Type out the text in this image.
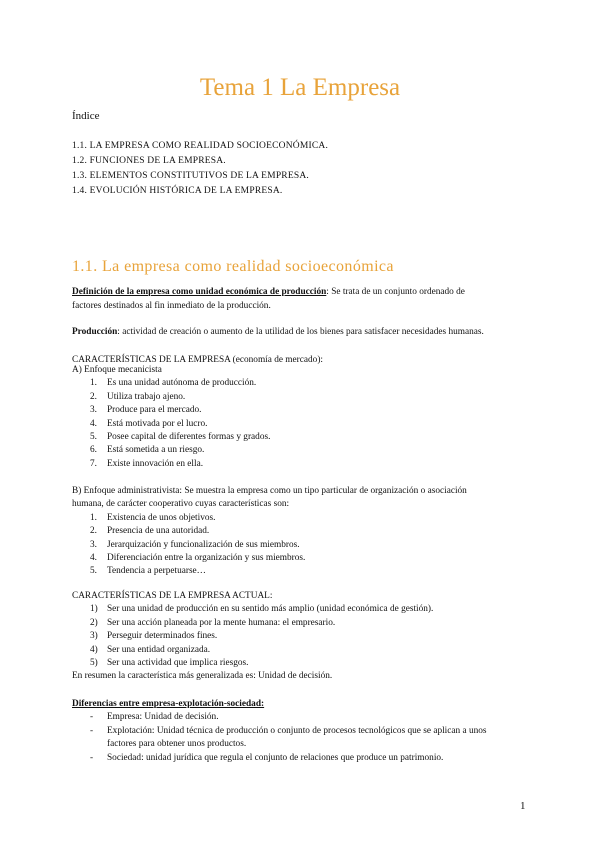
Tema 1 La Empresa
Índice
1.1. LA EMPRESA COMO REALIDAD SOCIOECONÓMICA.
1.2. FUNCIONES DE LA EMPRESA.
1.3. ELEMENTOS CONSTITUTIVOS DE LA EMPRESA.
1.4. EVOLUCIÓN HISTÓRICA DE LA EMPRESA.
1.1. La empresa como realidad socioeconómica
Definición de la empresa como unidad económica de producción: Se trata de un conjunto ordenado de
factores destinados al fin inmediato de la producción.
Producción: actividad de creación o aumento de la utilidad de los bienes para satisfacer necesidades humanas.
CARACTERÍSTICAS DE LA EMPRESA (economía de mercado):
A) Enfoque mecanicista
1.	Es una unidad autónoma de producción.
2.	Utiliza trabajo ajeno.
3.	Produce para el mercado.
4.	Está motivada por el lucro.
5.	Posee capital de diferentes formas y grados.
6.	Está sometida a un riesgo.
7.	Existe innovación en ella.
B) Enfoque administrativista: Se muestra la empresa como un tipo particular de organización o asociación
humana, de carácter cooperativo cuyas características son:
1.	Existencia de unos objetivos.
2.	Presencia de una autoridad.
3.	Jerarquización y funcionalización de sus miembros.
4.	Diferenciación entre la organización y sus miembros.
5.	Tendencia a perpetuarse…
CARACTERÍSTICAS DE LA EMPRESA ACTUAL:
1) Ser una unidad de producción en su sentido más amplio (unidad económica de gestión).
2) Ser una acción planeada por la mente humana: el empresario.
3) Perseguir determinados fines.
4) Ser una entidad organizada.
5) Ser una actividad que implica riesgos.
En resumen la característica más generalizada es: Unidad de decisión.
Diferencias entre empresa-explotación-sociedad:
-	Empresa: Unidad de decisión.
-	Explotación: Unidad técnica de producción o conjunto de procesos tecnológicos que se aplican a unos
factores para obtener unos productos.
-	Sociedad: unidad jurídica que regula el conjunto de relaciones que produce un patrimonio.
1
